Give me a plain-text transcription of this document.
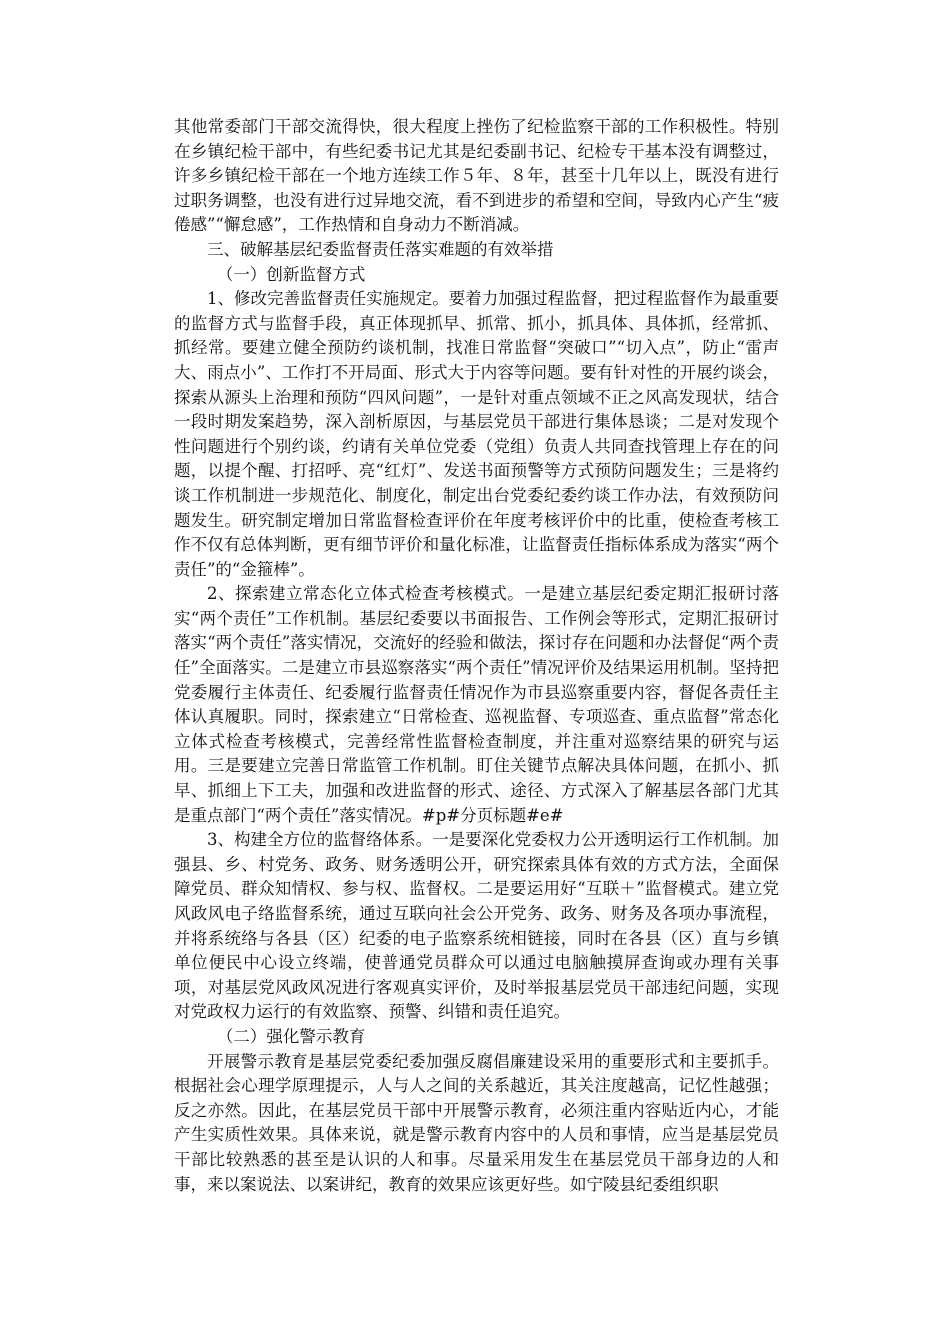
其他常委部门干部交流得快，很大程度上挫伤了纪检监察干部的工作积极性。特别在乡镇纪检干部中，有些纪委书记尤其是纪委副书记、纪检专干基本没有调整过，许多乡镇纪检干部在一个地方连续工作５年、８年，甚至十几年以上，既没有进行过职务调整，也没有进行过异地交流，看不到进步的希望和空间，导致内心产生“疲倦感”“懈怠感”，工作热情和自身动力不断消减。

三、破解基层纪委监督责任落实难题的有效举措

（一）创新监督方式

1、修改完善监督责任实施规定。要着力加强过程监督，把过程监督作为最重要的监督方式与监督手段，真正体现抓早、抓常、抓小，抓具体、具体抓，经常抓、抓经常。要建立健全预防约谈机制，找准日常监督“突破口”“切入点”，防止“雷声大、雨点小”、工作打不开局面、形式大于内容等问题。要有针对性的开展约谈会，探索从源头上治理和预防“四风问题”，一是针对重点领域不正之风高发现状，结合一段时期发案趋势，深入剖析原因，与基层党员干部进行集体恳谈；二是对发现个性问题进行个别约谈，约请有关单位党委（党组）负责人共同查找管理上存在的问题，以提个醒、打招呼、亮“红灯”、发送书面预警等方式预防问题发生；三是将约谈工作机制进一步规范化、制度化，制定出台党委纪委约谈工作办法，有效预防问题发生。研究制定增加日常监督检查评价在年度考核评价中的比重，使检查考核工作不仅有总体判断，更有细节评价和量化标准，让监督责任指标体系成为落实“两个责任”的“金箍棒”。

2、探索建立常态化立体式检查考核模式。一是建立基层纪委定期汇报研讨落实“两个责任”工作机制。基层纪委要以书面报告、工作例会等形式，定期汇报研讨落实“两个责任”落实情况，交流好的经验和做法，探讨存在问题和办法督促“两个责任”全面落实。二是建立市县巡察落实“两个责任”情况评价及结果运用机制。坚持把党委履行主体责任、纪委履行监督责任情况作为市县巡察重要内容，督促各责任主体认真履职。同时，探索建立“日常检查、巡视监督、专项巡查、重点监督”常态化立体式检查考核模式，完善经常性监督检查制度，并注重对巡察结果的研究与运用。三是要建立完善日常监管工作机制。盯住关键节点解决具体问题，在抓小、抓早、抓细上下工夫，加强和改进监督的形式、途径、方式深入了解基层各部门尤其是重点部门“两个责任”落实情况。#p#分页标题#e#

3、构建全方位的监督络体系。一是要深化党委权力公开透明运行工作机制。加强县、乡、村党务、政务、财务透明公开，研究探索具体有效的方式方法，全面保障党员、群众知情权、参与权、监督权。二是要运用好“互联＋”监督模式。建立党风政风电子络监督系统，通过互联向社会公开党务、政务、财务及各项办事流程，并将系统络与各县（区）纪委的电子监察系统相链接，同时在各县（区）直与乡镇单位便民中心设立终端，使普通党员群众可以通过电脑触摸屏查询或办理有关事项，对基层党风政风况进行客观真实评价，及时举报基层党员干部违纪问题，实现对党政权力运行的有效监察、预警、纠错和责任追究。

（二）强化警示教育

开展警示教育是基层党委纪委加强反腐倡廉建设采用的重要形式和主要抓手。根据社会心理学原理提示，人与人之间的关系越近，其关注度越高，记忆性越强；反之亦然。因此，在基层党员干部中开展警示教育，必须注重内容贴近内心，才能产生实质性效果。具体来说，就是警示教育内容中的人员和事情，应当是基层党员干部比较熟悉的甚至是认识的人和事。尽量采用发生在基层党员干部身边的人和事，来以案说法、以案讲纪，教育的效果应该更好些。如宁陵县纪委组织职
